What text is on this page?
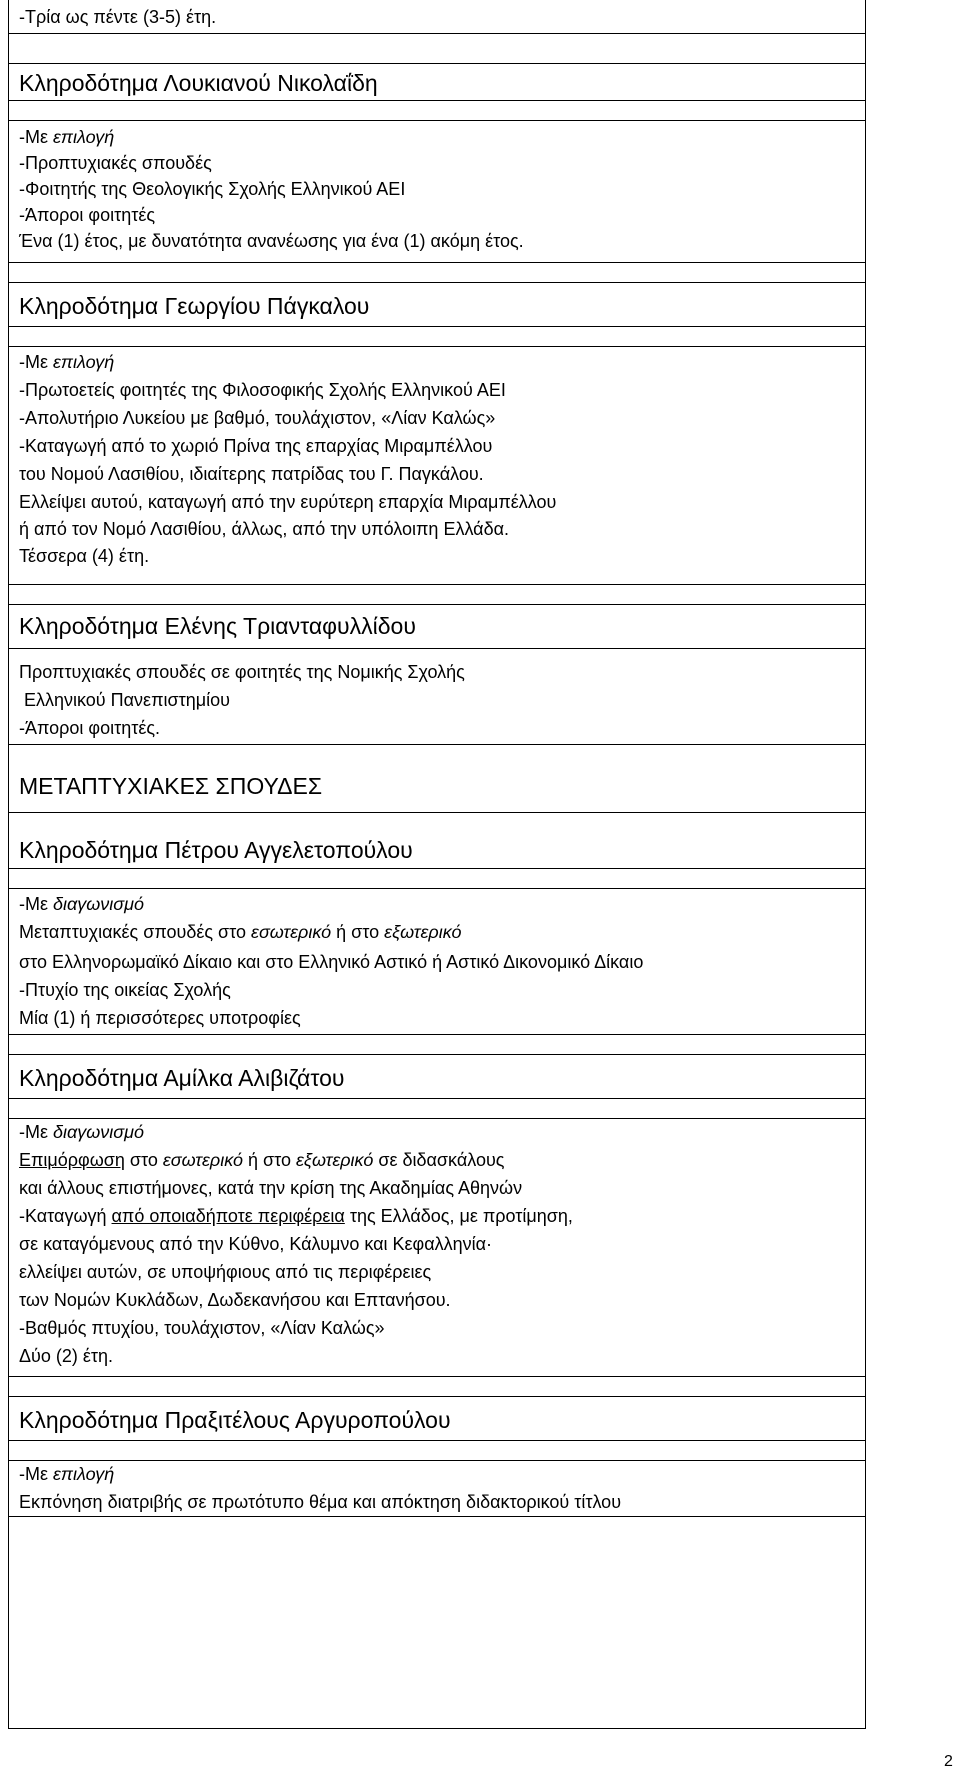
-Τρία ως πέντε (3-5) έτη.
Κληροδότημα Λουκιανού Νικολαΐδη
-Με επιλογή
-Προπτυχιακές σπουδές
-Φοιτητής της Θεολογικής Σχολής Ελληνικού ΑΕΙ
-Άποροι φοιτητές
Ένα (1) έτος, με δυνατότητα ανανέωσης για ένα (1) ακόμη έτος.
Κληροδότημα Γεωργίου Πάγκαλου
-Με επιλογή
-Πρωτοετείς φοιτητές της Φιλοσοφικής Σχολής Ελληνικού ΑΕΙ
-Απολυτήριο Λυκείου με βαθμό, τουλάχιστον, «Λίαν Καλώς»
-Καταγωγή από το χωριό Πρίνα της επαρχίας Μιραμπέλλου
του Νομού Λασιθίου, ιδιαίτερης πατρίδας του Γ. Παγκάλου.
Ελλείψει αυτού, καταγωγή από την ευρύτερη επαρχία Μιραμπέλλου
ή από τον Νομό Λασιθίου, άλλως, από την υπόλοιπη Ελλάδα.
Τέσσερα (4) έτη.
Κληροδότημα Ελένης Τριανταφυλλίδου
Προπτυχιακές σπουδές σε φοιτητές της Νομικής Σχολής
Ελληνικού Πανεπιστημίου
-Άποροι φοιτητές.
ΜΕΤΑΠΤΥΧΙΑΚΕΣ ΣΠΟΥΔΕΣ
Κληροδότημα Πέτρου Αγγελετοπούλου
-Με διαγωνισμό
Μεταπτυχιακές σπουδές στο εσωτερικό ή στο εξωτερικό
στο Ελληνορωμαϊκό Δίκαιο και στο Ελληνικό Αστικό ή Αστικό Δικονομικό Δίκαιο
-Πτυχίο της οικείας Σχολής
Μία (1) ή περισσότερες υποτροφίες
Κληροδότημα Αμίλκα Αλιβιζάτου
-Με διαγωνισμό
Επιμόρφωση στο εσωτερικό ή στο εξωτερικό σε διδασκάλους
και άλλους επιστήμονες, κατά την κρίση της Ακαδημίας Αθηνών
-Καταγωγή από οποιαδήποτε περιφέρεια της Ελλάδος, με προτίμηση,
σε καταγόμενους από την Κύθνο, Κάλυμνο και Κεφαλληνία·
ελλείψει αυτών, σε υποψήφιους από τις περιφέρειες
των Νομών Κυκλάδων, Δωδεκανήσου και Επτανήσου.
-Βαθμός πτυχίου, τουλάχιστον, «Λίαν Καλώς»
Δύο (2) έτη.
Κληροδότημα Πραξιτέλους Αργυροπούλου
-Με επιλογή
Εκπόνηση διατριβής σε πρωτότυπο θέμα και απόκτηση διδακτορικού τίτλου
2
